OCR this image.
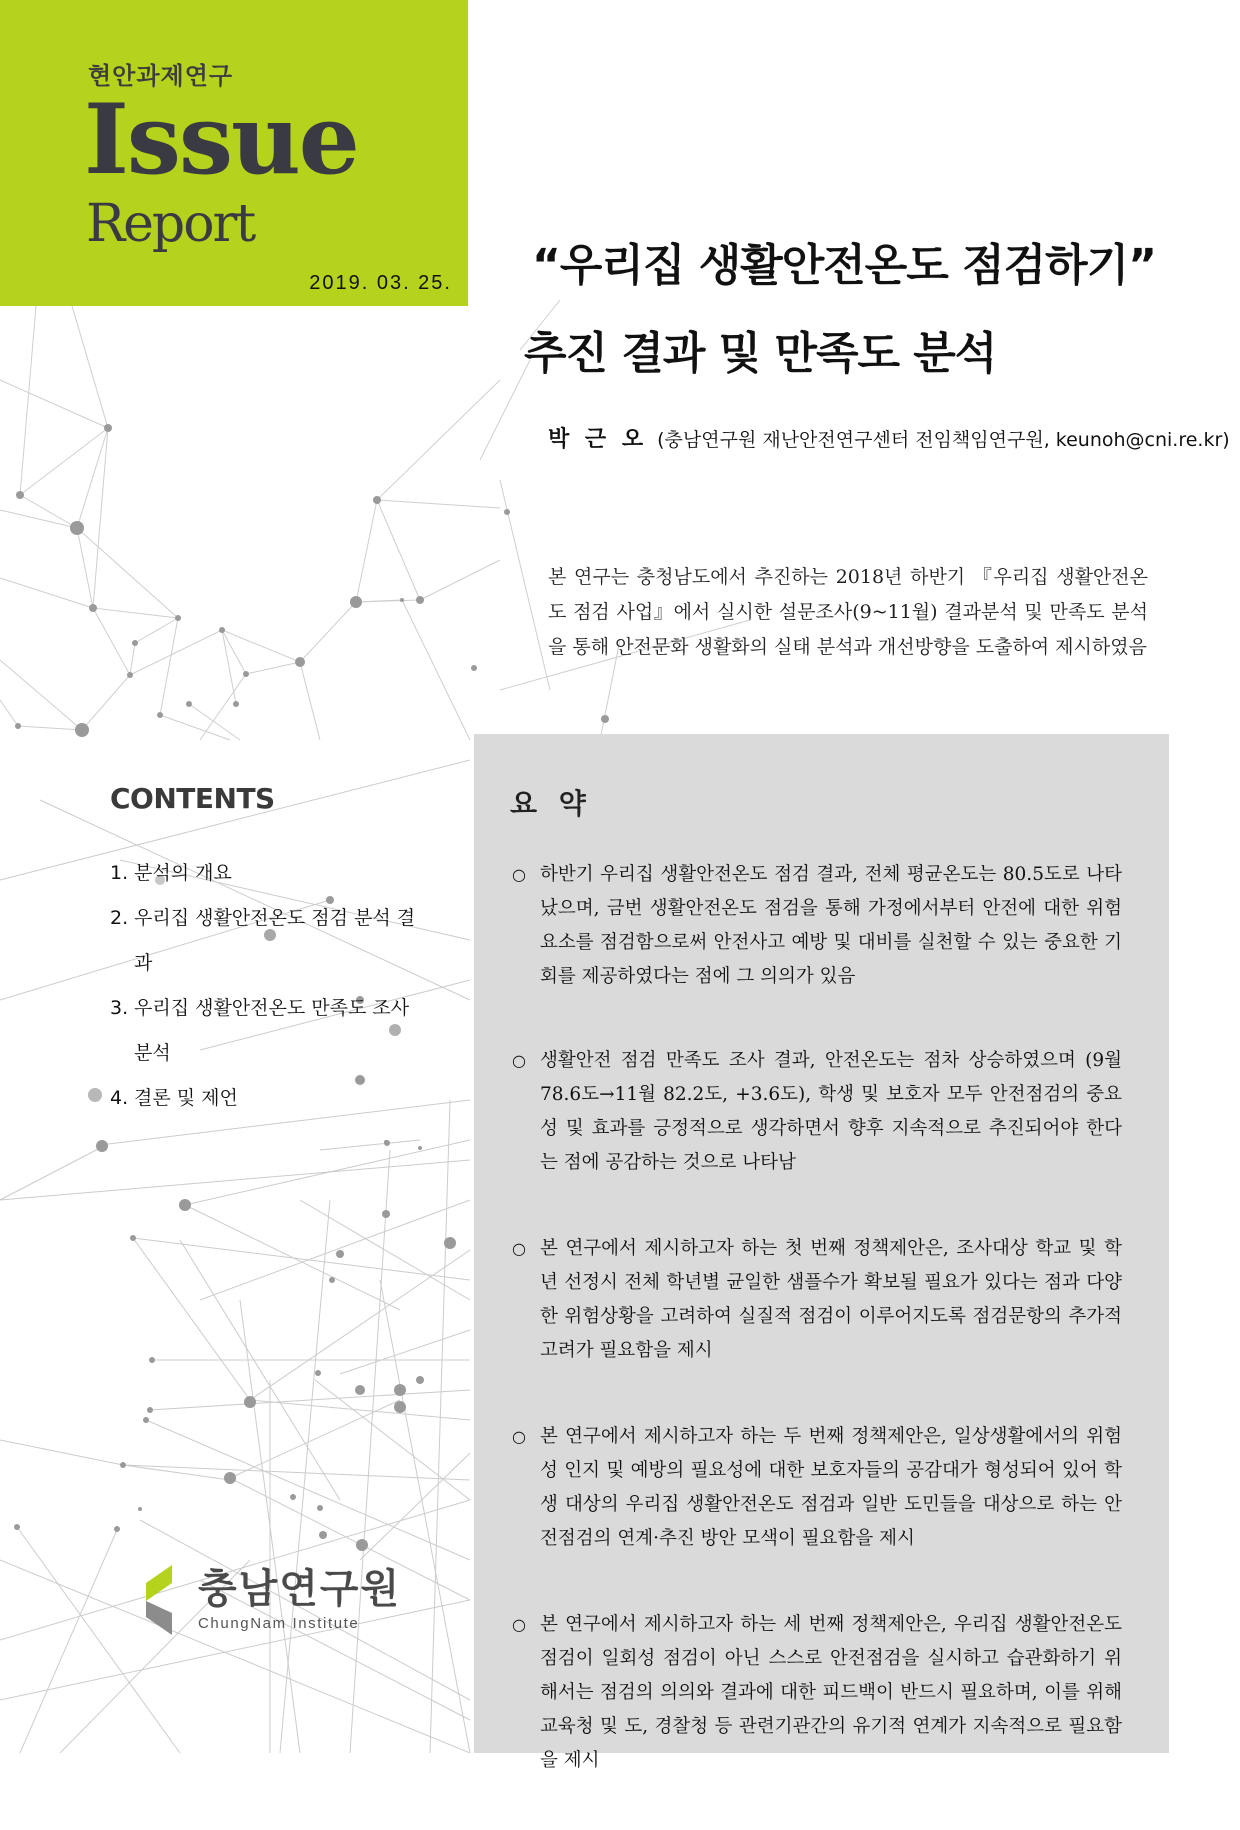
현안과제연구
Issue
Report
2019. 03. 25. “우리집 생활안전온도 점검하기”
추진 결과 및 만족도 분석
박 근 오 (충남연구원 재난안전연구센터 전임책임연구원, keunoh@cni.re.kr)
본 연구는 충청남도에서 추진하는 2018년 하반기 『우리집 생활안전온도 점검 사업』에서 실시한 설문조사(9~11월) 결과분석 및 만족도 분석을 통해 안전문화 생활화의 실태 분석과 개선방향을 도출하여 제시하였음
CONTENTS
1. 분석의 개요
2. 우리집 생활안전온도 점검 분석 결과
3. 우리집 생활안전온도 만족도 조사 분석
4. 결론 및 제언
요 약
○ 하반기 우리집 생활안전온도 점검 결과, 전체 평균온도는 80.5도로 나타났으며, 금번 생활안전온도 점검을 통해 가정에서부터 안전에 대한 위험요소를 점검함으로써 안전사고 예방 및 대비를 실천할 수 있는 중요한 기회를 제공하였다는 점에 그 의의가 있음
○ 생활안전 점검 만족도 조사 결과, 안전온도는 점차 상승하였으며 (9월 78.6도→11월 82.2도, +3.6도), 학생 및 보호자 모두 안전점검의 중요성 및 효과를 긍정적으로 생각하면서 향후 지속적으로 추진되어야 한다는 점에 공감하는 것으로 나타남
○ 본 연구에서 제시하고자 하는 첫 번째 정책제안은, 조사대상 학교 및 학년 선정시 전체 학년별 균일한 샘플수가 확보될 필요가 있다는 점과 다양한 위험상황을 고려하여 실질적 점검이 이루어지도록 점검문항의 추가적 고려가 필요함을 제시
○ 본 연구에서 제시하고자 하는 두 번째 정책제안은, 일상생활에서의 위험성 인지 및 예방의 필요성에 대한 보호자들의 공감대가 형성되어 있어 학생 대상의 우리집 생활안전온도 점검과 일반 도민들을 대상으로 하는 안전점검의 연계·추진 방안 모색이 필요함을 제시
○ 본 연구에서 제시하고자 하는 세 번째 정책제안은, 우리집 생활안전온도 점검이 일회성 점검이 아닌 스스로 안전점검을 실시하고 습관화하기 위해서는 점검의 의의와 결과에 대한 피드백이 반드시 필요하며, 이를 위해 교육청 및 도, 경찰청 등 관련기관간의 유기적 연계가 지속적으로 필요함을 제시
충남연구원
ChungNam Institute
